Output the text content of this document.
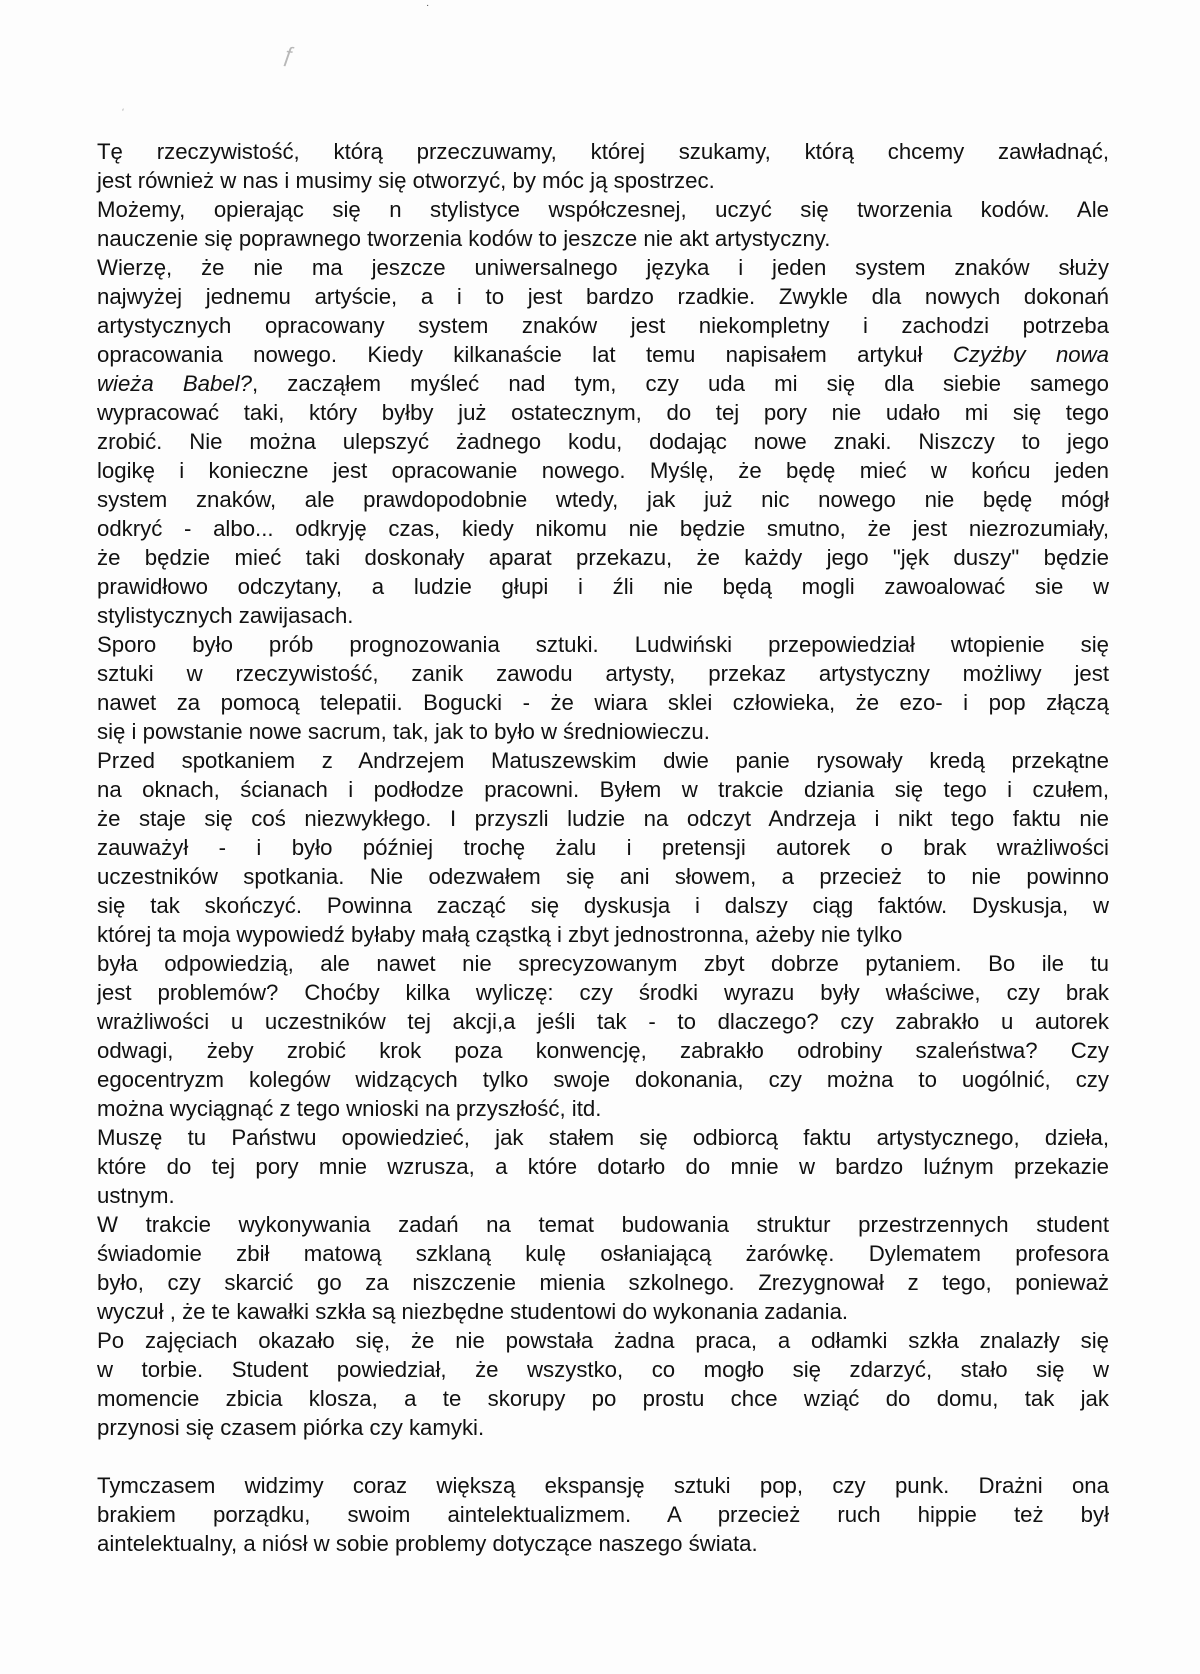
ƒ
ˏ
·
Tę rzeczywistość, którą przeczuwamy, której szukamy, którą chcemy zawładnąć,
jest również w nas i musimy się otworzyć, by móc ją spostrzec.
Możemy, opierając się n stylistyce współczesnej, uczyć się tworzenia kodów. Ale
nauczenie się poprawnego tworzenia kodów to jeszcze nie akt artystyczny.
Wierzę, że nie ma jeszcze uniwersalnego języka i jeden system znaków służy
najwyżej jednemu artyście, a i to jest bardzo rzadkie. Zwykle dla nowych dokonań
artystycznych opracowany system znaków jest niekompletny i zachodzi potrzeba
opracowania nowego. Kiedy kilkanaście lat temu napisałem artykuł Czyżby nowa
wieża Babel?, zacząłem myśleć nad tym, czy uda mi się dla siebie samego
wypracować taki, który byłby już ostatecznym, do tej pory nie udało mi się tego
zrobić. Nie można ulepszyć żadnego kodu, dodając nowe znaki. Niszczy to jego
logikę i konieczne jest opracowanie nowego. Myślę, że będę mieć w końcu jeden
system znaków, ale prawdopodobnie wtedy, jak już nic nowego nie będę mógł
odkryć - albo... odkryję czas, kiedy nikomu nie będzie smutno, że jest niezrozumiały,
że będzie mieć taki doskonały aparat przekazu, że każdy jego "jęk duszy" będzie
prawidłowo odczytany, a ludzie głupi i źli nie będą mogli zawoalować sie w
stylistycznych zawijasach.
Sporo było prób prognozowania sztuki. Ludwiński przepowiedział wtopienie się
sztuki w rzeczywistość, zanik zawodu artysty, przekaz artystyczny możliwy jest
nawet za pomocą telepatii. Bogucki - że wiara sklei człowieka, że ezo- i pop złączą
się i powstanie nowe sacrum, tak, jak to było w średniowieczu.
Przed spotkaniem z Andrzejem Matuszewskim dwie panie rysowały kredą przekątne
na oknach, ścianach i podłodze pracowni. Byłem w trakcie dziania się tego i czułem,
że staje się coś niezwykłego. I przyszli ludzie na odczyt Andrzeja i nikt tego faktu nie
zauważył - i było później trochę żalu i pretensji autorek o brak wrażliwości
uczestników spotkania. Nie odezwałem się ani słowem, a przecież to nie powinno
się tak skończyć. Powinna zacząć się dyskusja i dalszy ciąg faktów. Dyskusja, w
której ta moja wypowiedź byłaby małą cząstką i zbyt jednostronna, ażeby nie tylko
była odpowiedzią, ale nawet nie sprecyzowanym zbyt dobrze pytaniem. Bo ile tu
jest problemów? Choćby kilka wyliczę: czy środki wyrazu były właściwe, czy brak
wrażliwości u uczestników tej akcji,a jeśli tak - to dlaczego? czy zabrakło u autorek
odwagi, żeby zrobić krok poza konwencję, zabrakło odrobiny szaleństwa? Czy
egocentryzm kolegów widzących tylko swoje dokonania, czy można to uogólnić, czy
można wyciągnąć z tego wnioski na przyszłość, itd.
Muszę tu Państwu opowiedzieć, jak stałem się odbiorcą faktu artystycznego, dzieła,
które do tej pory mnie wzrusza, a które dotarło do mnie w bardzo luźnym przekazie
ustnym.
W trakcie wykonywania zadań na temat budowania struktur przestrzennych student
świadomie zbił matową szklaną kulę osłaniającą żarówkę. Dylematem profesora
było, czy skarcić go za niszczenie mienia szkolnego. Zrezygnował z tego, ponieważ
wyczuł , że te kawałki szkła są niezbędne studentowi do wykonania zadania.
Po zajęciach okazało się, że nie powstała żadna praca, a odłamki szkła znalazły się
w torbie. Student powiedział, że wszystko, co mogło się zdarzyć, stało się w
momencie zbicia klosza, a te skorupy po prostu chce wziąć do domu, tak jak
przynosi się czasem piórka czy kamyki.
Tymczasem widzimy coraz większą ekspansję sztuki pop, czy punk. Drażni ona
brakiem porządku, swoim aintelektualizmem. A przecież ruch hippie też był
aintelektualny, a niósł w sobie problemy dotyczące naszego świata.
